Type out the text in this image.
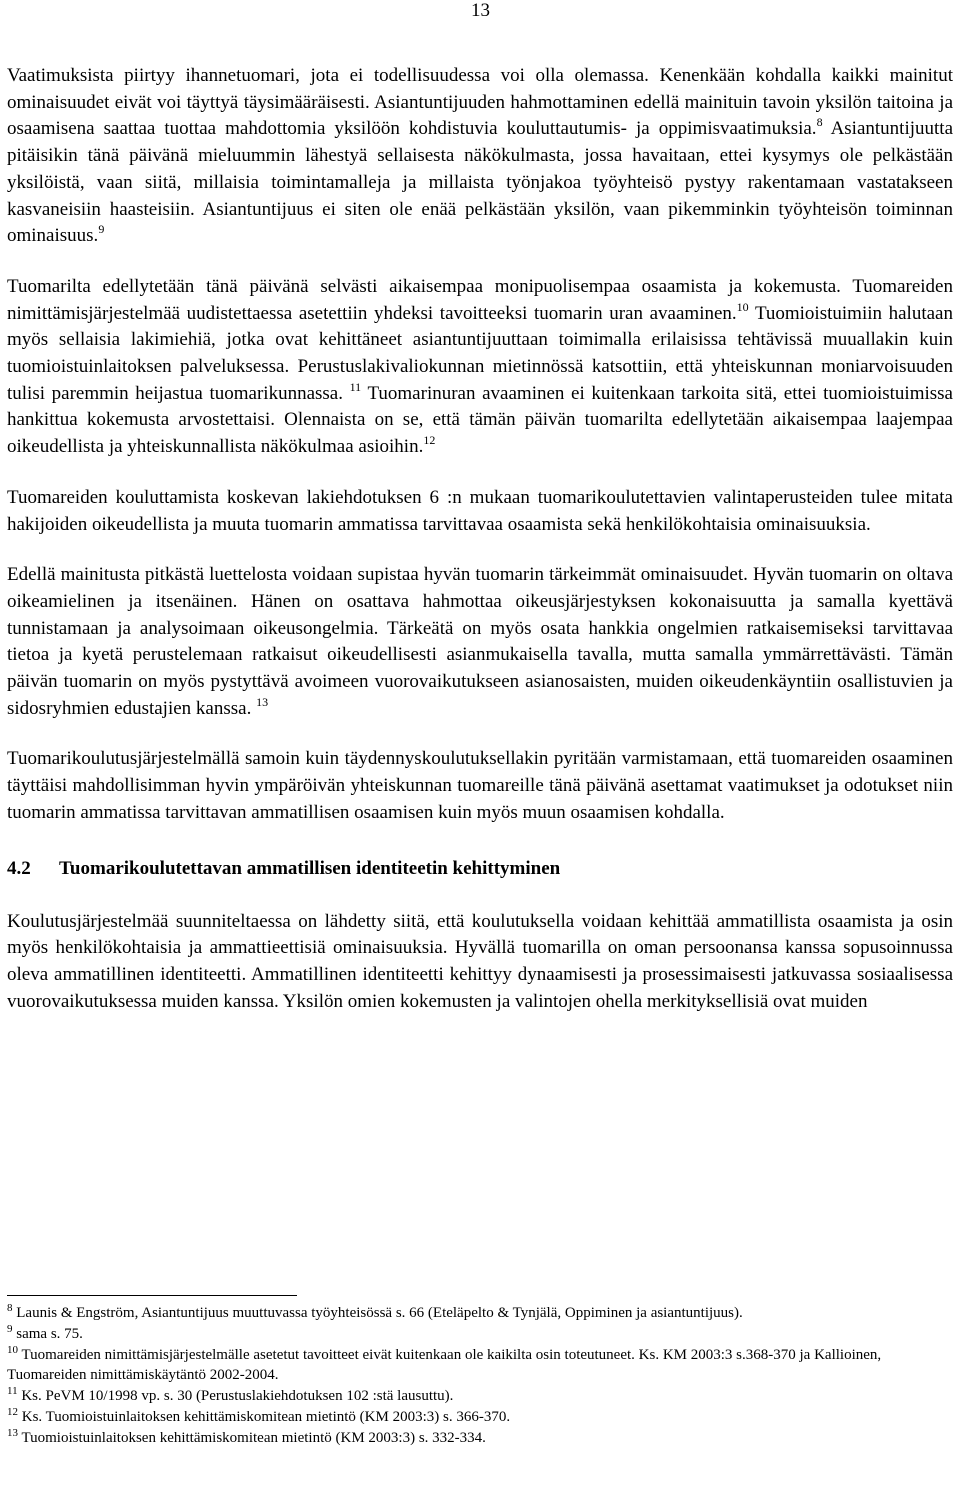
13

Vaatimuksista piirtyy ihannetuomari, jota ei todellisuudessa voi olla olemassa. Kenenkään kohdalla kaikki mainitut ominaisuudet eivät voi täyttyä täysimääräisesti. Asiantuntijuuden hahmottaminen edellä mainituin tavoin yksilön taitoina ja osaamisena saattaa tuottaa mahdottomia yksilöön kohdistuvia kouluttautumis- ja oppimisvaatimuksia.$^8$ Asiantuntijuutta pitäisikin tänä päivänä mieluummin lähestyä sellaisesta näkökulmasta, jossa havaitaan, ettei kysymys ole pelkästään yksilöistä, vaan siitä, millaisia toimintamalleja ja millaista työnjakoa työyhteisö pystyy rakentamaan vastatakseen kasvaneisiin haasteisiin. Asiantuntijuus ei siten ole enää pelkästään yksilön, vaan pikemminkin työyhteisön toiminnan ominaisuus.$^9$

Tuomarilta edellytetään tänä päivänä selvästi aikaisempaa monipuolisempaa osaamista ja kokemusta. Tuomareiden nimittämisjärjestelmää uudistettaessa asetettiin yhdeksi tavoitteeksi tuomarin uran avaaminen.$^{10}$ Tuomioistuimiin halutaan myös sellaisia lakimiehiä, jotka ovat kehittäneet asiantuntijuuttaan toimimalla erilaisissa tehtävissä muuallakin kuin tuomioistuinlaitoksen palveluksessa. Perustuslakivaliokunnan mietinnössä katsottiin, että yhteiskunnan moniarvoisuuden tulisi paremmin heijastua tuomarikunnassa. $^{11}$ Tuomarinuran avaaminen ei kuitenkaan tarkoita sitä, ettei tuomioistuimissa hankittua kokemusta arvostettaisi. Olennaista on se, että tämän päivän tuomarilta edellytetään aikaisempaa laajempaa oikeudellista ja yhteiskunnallista näkökulmaa asioihin.$^{12}$

Tuomareiden kouluttamista koskevan lakiehdotuksen 6 :n mukaan tuomarikoulutettavien valintaperusteiden tulee mitata hakijoiden oikeudellista ja muuta tuomarin ammatissa tarvittavaa osaamista sekä henkilökohtaisia ominaisuuksia.

Edellä mainitusta pitkästä luettelosta voidaan supistaa hyvän tuomarin tärkeimmät ominaisuudet. Hyvän tuomarin on oltava oikeamielinen ja itsenäinen. Hänen on osattava hahmottaa oikeusjärjestyksen kokonaisuutta ja samalla kyettävä tunnistamaan ja analysoimaan oikeusongelmia. Tärkeätä on myös osata hankkia ongelmien ratkaisemiseksi tarvittavaa tietoa ja kyetä perustelemaan ratkaisut oikeudellisesti asianmukaisella tavalla, mutta samalla ymmärrettävästi. Tämän päivän tuomarin on myös pystyttävä avoimeen vuorovaikutukseen asianosaisten, muiden oikeudenkäyntiin osallistuvien ja sidosryhmien edustajien kanssa. $^{13}$

Tuomarikoulutusjärjestelmällä samoin kuin täydennyskoulutuksellakin pyritään varmistamaan, että tuomareiden osaaminen täyttäisi mahdollisimman hyvin ympäröivän yhteiskunnan tuomareille tänä päivänä asettamat vaatimukset ja odotukset niin tuomarin ammatissa tarvittavan ammatillisen osaamisen kuin myös muun osaamisen kohdalla.

4.2 Tuomarikoulutettavan ammatillisen identiteetin kehittyminen

Koulutusjärjestelmää suunniteltaessa on lähdetty siitä, että koulutuksella voidaan kehittää ammatillista osaamista ja osin myös henkilökohtaisia ja ammattieettisiä ominaisuuksia. Hyvällä tuomarilla on oman persoonansa kanssa sopusoinnussa oleva ammatillinen identiteetti. Ammatillinen identiteetti kehittyy dynaamisesti ja prosessimaisesti jatkuvassa sosiaalisessa vuorovaikutuksessa muiden kanssa. Yksilön omien kokemusten ja valintojen ohella merkityksellisiä ovat muiden

$^8$ Launis & Engström, Asiantuntijuus muuttuvassa työyhteisössä s. 66 (Eteläpelto & Tynjälä, Oppiminen ja asiantuntijuus).

$^9$ sama s. 75.

$^{10}$ Tuomareiden nimittämisjärjestelmälle asetetut tavoitteet eivät kuitenkaan ole kaikilta osin toteutuneet. Ks. KM 2003:3 s.368-370 ja Kallioinen, Tuomareiden nimittämiskäytäntö 2002-2004.

$^{11}$ Ks. PeVM 10/1998 vp. s. 30 (Perustuslakiehdotuksen 102 :stä lausuttu).

$^{12}$ Ks. Tuomioistuinlaitoksen kehittämiskomitean mietintö (KM 2003:3) s. 366-370.

$^{13}$ Tuomioistuinlaitoksen kehittämiskomitean mietintö (KM 2003:3) s. 332-334.
